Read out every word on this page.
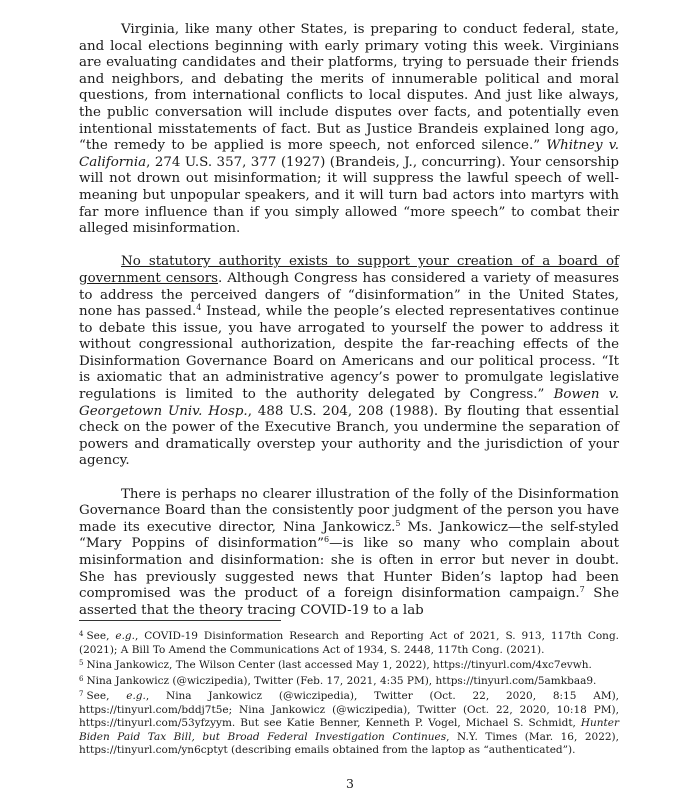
Virginia, like many other States, is preparing to conduct federal, state, and local elections beginning with early primary voting this week. Virginians are evaluating candidates and their platforms, trying to persuade their friends and neighbors, and debating the merits of innumerable political and moral questions, from international conflicts to local disputes. And just like always, the public conversation will include disputes over facts, and potentially even intentional misstatements of fact. But as Justice Brandeis explained long ago, “the remedy to be applied is more speech, not enforced silence.” Whitney v. California, 274 U.S. 357, 377 (1927) (Brandeis, J., concurring). Your censorship will not drown out misinformation; it will suppress the lawful speech of well-meaning but unpopular speakers, and it will turn bad actors into martyrs with far more influence than if you simply allowed “more speech” to combat their alleged misinformation.

No statutory authority exists to support your creation of a board of government censors. Although Congress has considered a variety of measures to address the perceived dangers of “disinformation” in the United States, none has passed.$^4$ Instead, while the people’s elected representatives continue to debate this issue, you have arrogated to yourself the power to address it without congressional authorization, despite the far-reaching effects of the Disinformation Governance Board on Americans and our political process. “It is axiomatic that an administrative agency’s power to promulgate legislative regulations is limited to the authority delegated by Congress.” Bowen v. Georgetown Univ. Hosp., 488 U.S. 204, 208 (1988). By flouting that essential check on the power of the Executive Branch, you undermine the separation of powers and dramatically overstep your authority and the jurisdiction of your agency.

There is perhaps no clearer illustration of the folly of the Disinformation Governance Board than the consistently poor judgment of the person you have made its executive director, Nina Jankowicz.$^5$ Ms. Jankowicz—the self-styled “Mary Poppins of disinformation”$^6$—is like so many who complain about misinformation and disinformation: she is often in error but never in doubt. She has previously suggested news that Hunter Biden’s laptop had been compromised was the product of a foreign disinformation campaign.$^7$ She asserted that the theory tracing COVID-19 to a lab

$^4$ See, e.g., COVID-19 Disinformation Research and Reporting Act of 2021, S. 913, 117th Cong. (2021); A Bill To Amend the Communications Act of 1934, S. 2448, 117th Cong. (2021).

$^5$ Nina Jankowicz, The Wilson Center (last accessed May 1, 2022), https://tinyurl.com/4xc7evwh.

$^6$ Nina Jankowicz (@wiczipedia), Twitter (Feb. 17, 2021, 4:35 PM), https://tinyurl.com/5amkbaa9.

$^7$ See, e.g., Nina Jankowicz (@wiczipedia), Twitter (Oct. 22, 2020, 8:15 AM), https://tinyurl.com/bddj7t5e; Nina Jankowicz (@wiczipedia), Twitter (Oct. 22, 2020, 10:18 PM), https://tinyurl.com/53yfzyym. But see Katie Benner, Kenneth P. Vogel, Michael S. Schmidt, Hunter Biden Paid Tax Bill, but Broad Federal Investigation Continues, N.Y. Times (Mar. 16, 2022), https://tinyurl.com/yn6cptyt (describing emails obtained from the laptop as “authenticated”).

3
